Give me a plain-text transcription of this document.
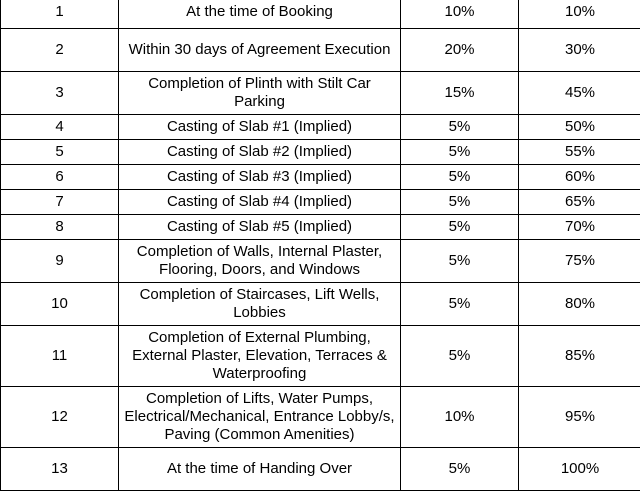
1	At the time of Booking	10%	10%
2	Within 30 days of Agreement Execution	20%	30%
3	Completion of Plinth with Stilt Car Parking	15%	45%
4	Casting of Slab #1 (Implied)	5%	50%
5	Casting of Slab #2 (Implied)	5%	55%
6	Casting of Slab #3 (Implied)	5%	60%
7	Casting of Slab #4 (Implied)	5%	65%
8	Casting of Slab #5 (Implied)	5%	70%
9	Completion of Walls, Internal Plaster, Flooring, Doors, and Windows	5%	75%
10	Completion of Staircases, Lift Wells, Lobbies	5%	80%
11	Completion of External Plumbing, External Plaster, Elevation, Terraces & Waterproofing	5%	85%
12	Completion of Lifts, Water Pumps, Electrical/Mechanical, Entrance Lobby/s, Paving (Common Amenities)	10%	95%
13	At the time of Handing Over	5%	100%
